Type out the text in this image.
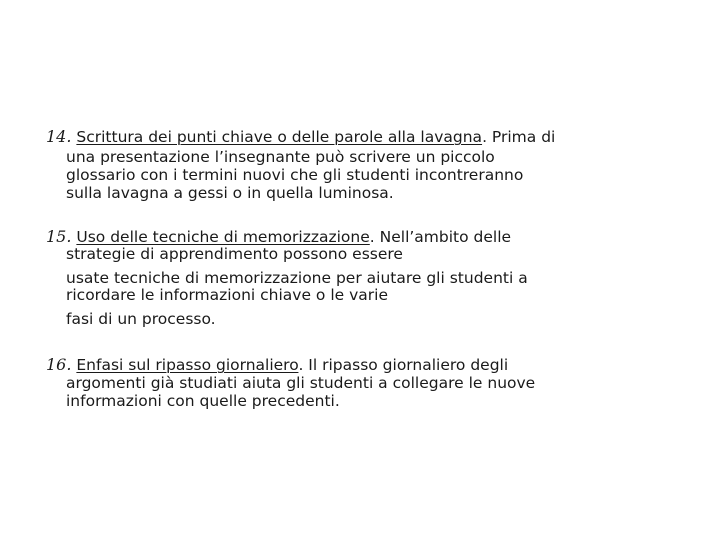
14. Scrittura dei punti chiave o delle parole alla lavagna. Prima di
una presentazione l’insegnante può scrivere un piccolo
glossario con i termini nuovi che gli studenti incontreranno
sulla lavagna a gessi o in quella luminosa.
15. Uso delle tecniche di memorizzazione. Nell’ambito delle
strategie di apprendimento possono essere
usate tecniche di memorizzazione per aiutare gli studenti a
ricordare le informazioni chiave o le varie
fasi di un processo.
16. Enfasi sul ripasso giornaliero. Il ripasso giornaliero degli
argomenti già studiati aiuta gli studenti a collegare le nuove
informazioni con quelle precedenti.
